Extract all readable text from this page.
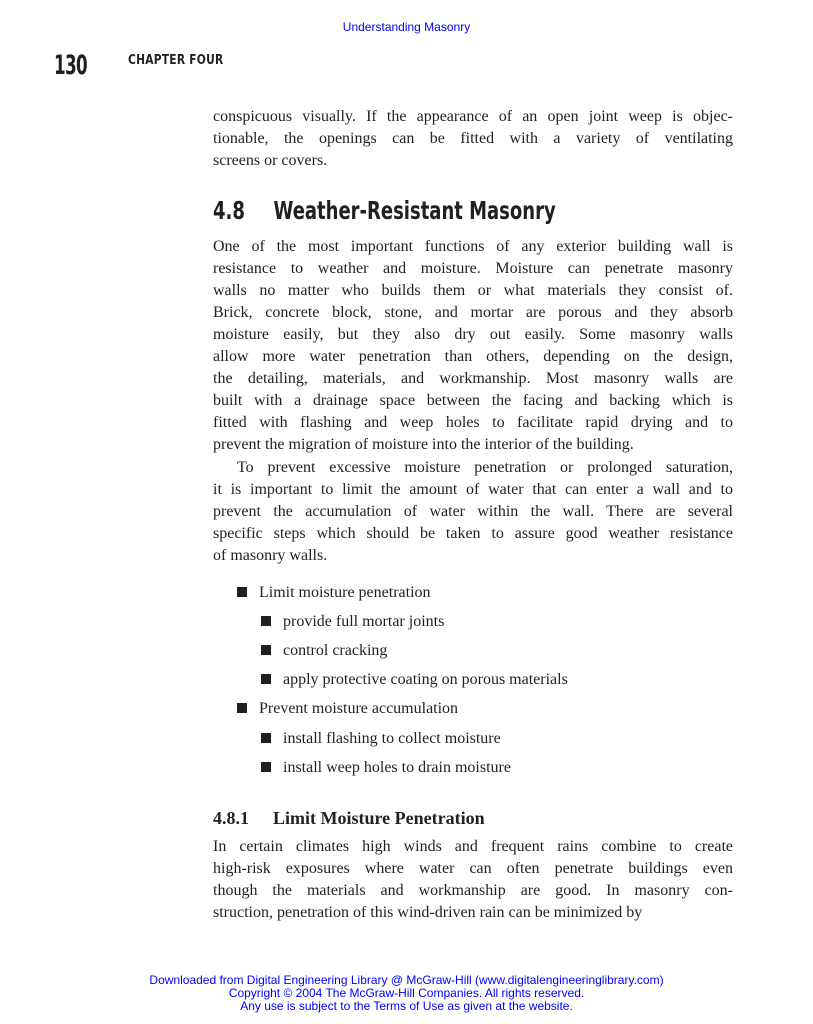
Understanding Masonry
130	CHAPTER FOUR
conspicuous visually. If the appearance of an open joint weep is objec-
tionable, the openings can be fitted with a variety of ventilating
screens or covers.
4.8 Weather-Resistant Masonry
One of the most important functions of any exterior building wall is
resistance to weather and moisture. Moisture can penetrate masonry
walls no matter who builds them or what materials they consist of.
Brick, concrete block, stone, and mortar are porous and they absorb
moisture easily, but they also dry out easily. Some masonry walls
allow more water penetration than others, depending on the design,
the detailing, materials, and workmanship. Most masonry walls are
built with a drainage space between the facing and backing which is
fitted with flashing and weep holes to facilitate rapid drying and to
prevent the migration of moisture into the interior of the building.
To prevent excessive moisture penetration or prolonged saturation,
it is important to limit the amount of water that can enter a wall and to
prevent the accumulation of water within the wall. There are several
specific steps which should be taken to assure good weather resistance
of masonry walls.
Limit moisture penetration
provide full mortar joints
control cracking
apply protective coating on porous materials
Prevent moisture accumulation
install flashing to collect moisture
install weep holes to drain moisture
4.8.1 Limit Moisture Penetration
In certain climates high winds and frequent rains combine to create
high-risk exposures where water can often penetrate buildings even
though the materials and workmanship are good. In masonry con-
struction, penetration of this wind-driven rain can be minimized by
Downloaded from Digital Engineering Library @ McGraw-Hill (www.digitalengineeringlibrary.com)
Copyright © 2004 The McGraw-Hill Companies. All rights reserved.
Any use is subject to the Terms of Use as given at the website.
